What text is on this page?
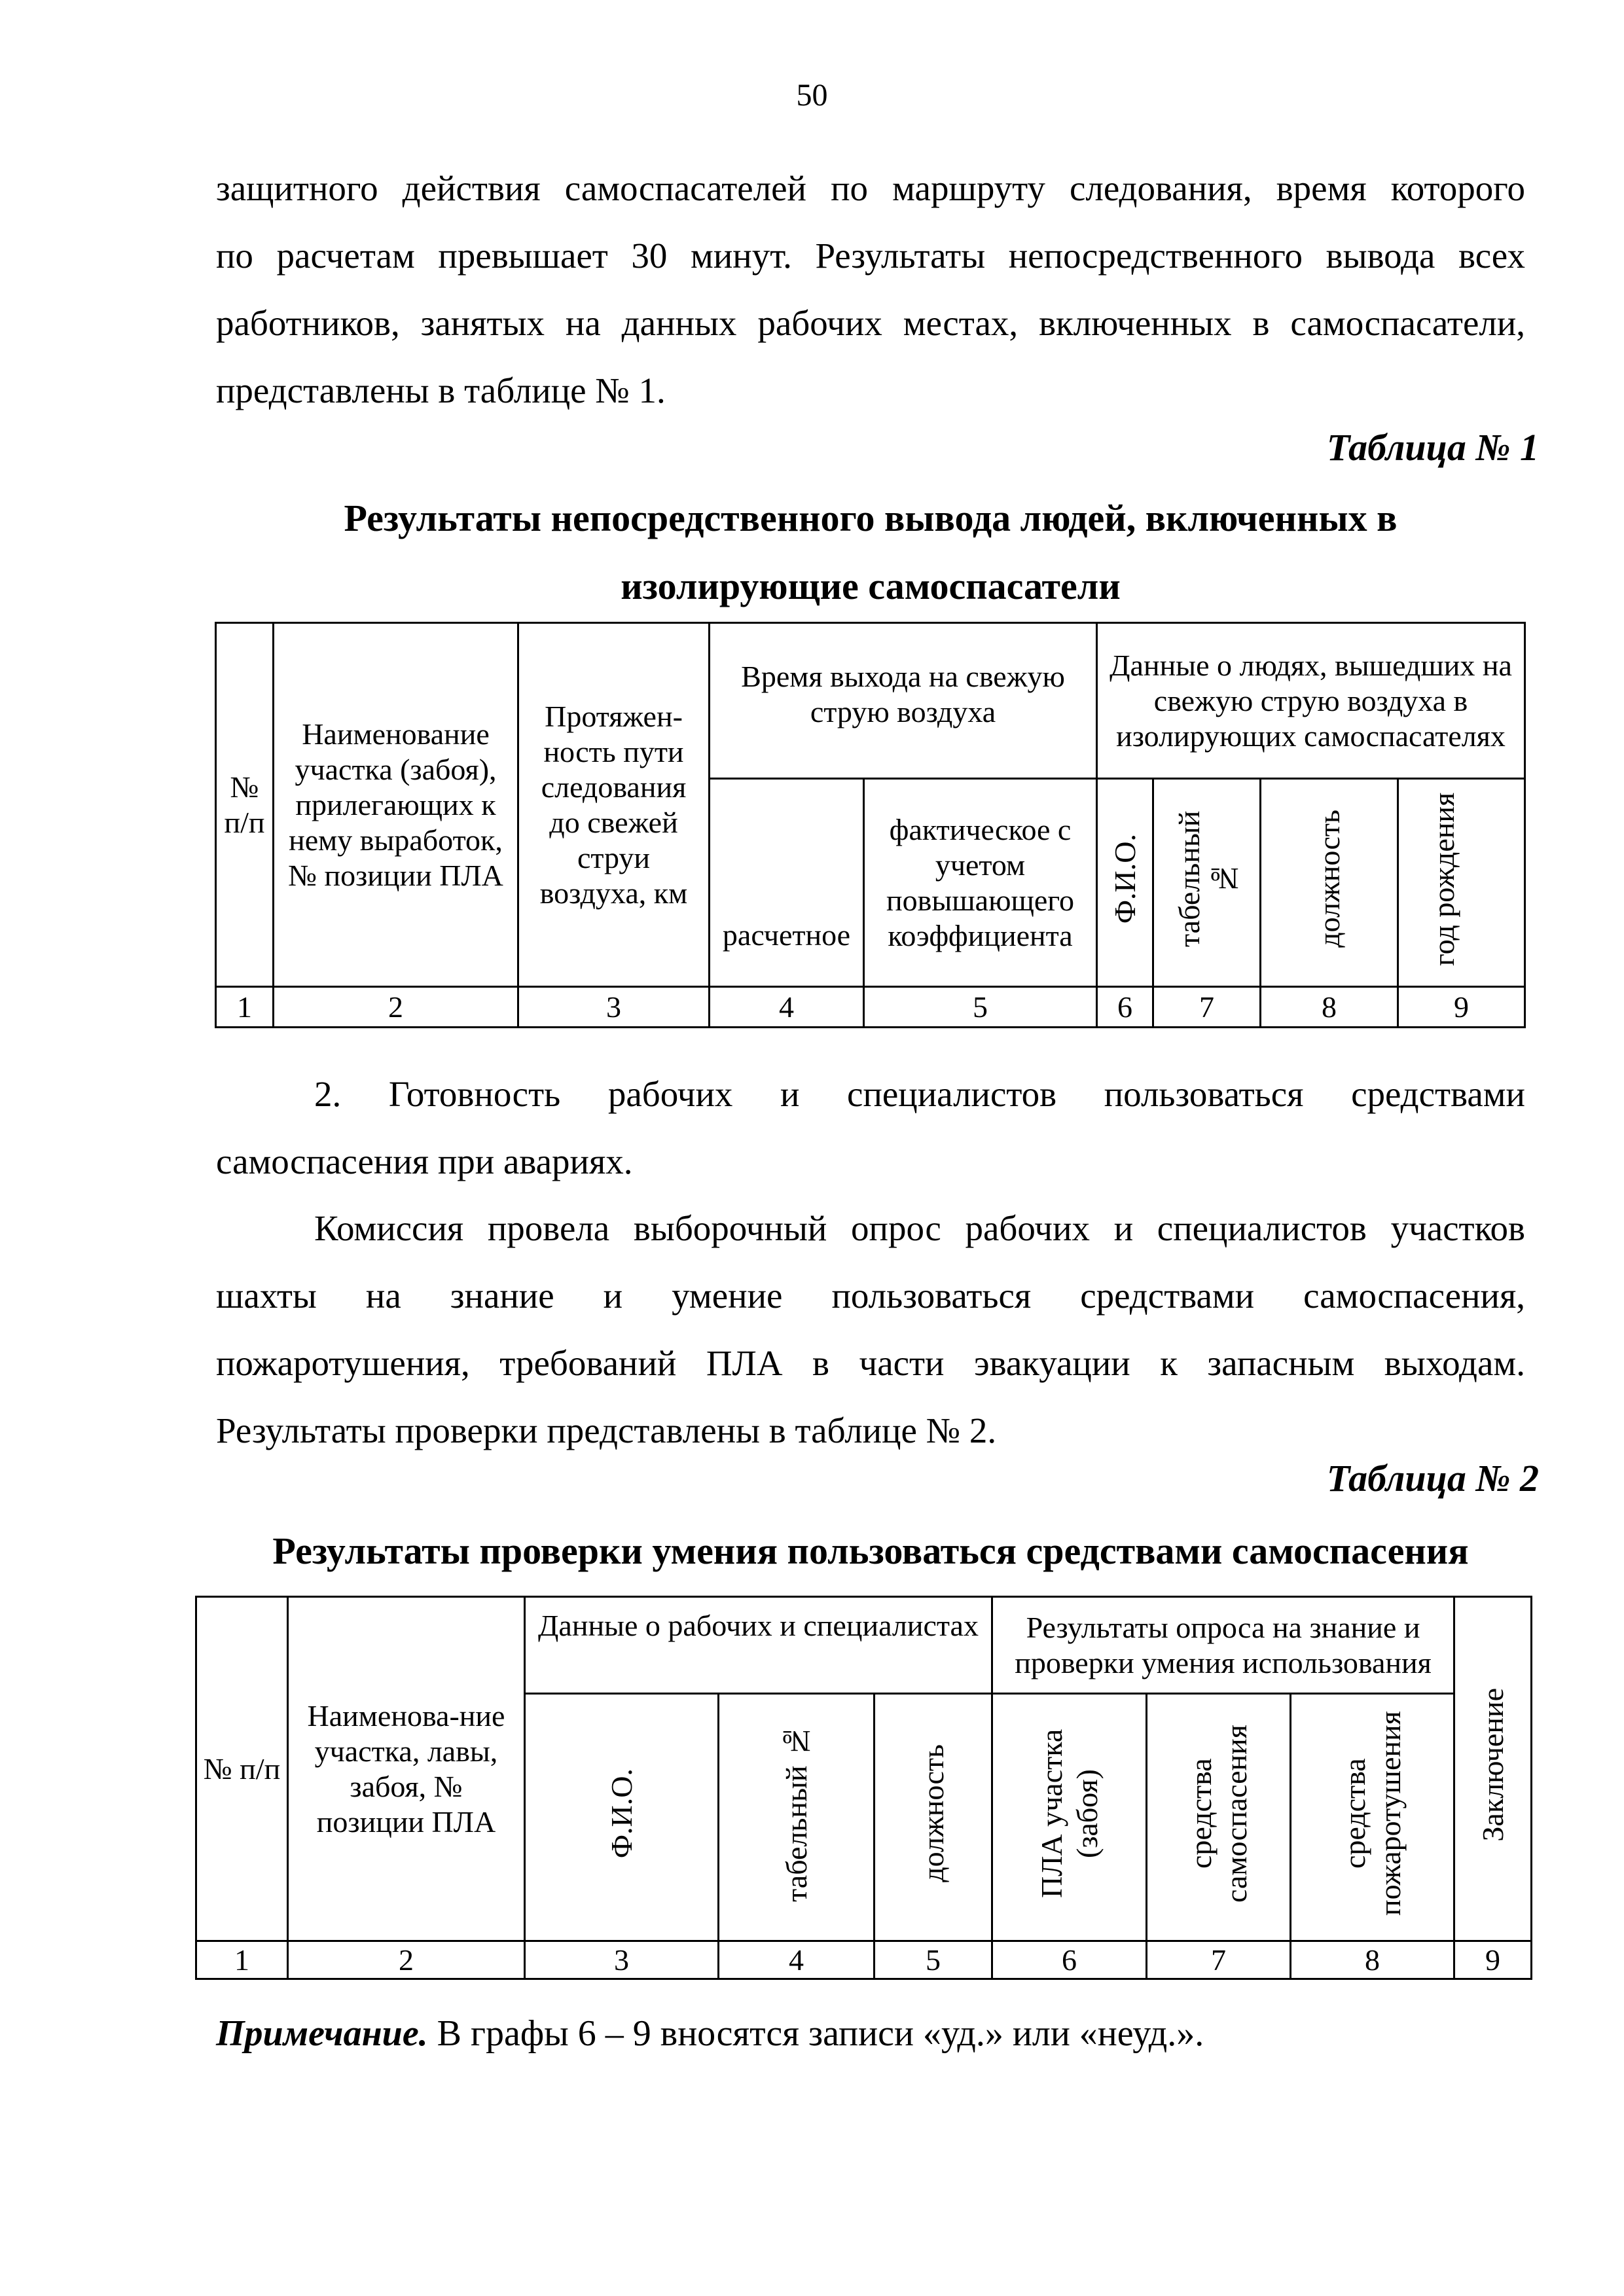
50
защитного действия самоспасателей по маршруту следования, время которого
по расчетам превышает 30 минут. Результаты непосредственного вывода всех
работников, занятых на данных рабочих местах, включенных в самоспасатели,
представлены в таблице № 1.
Таблица № 1
Результаты непосредственного вывода людей, включенных в
изолирующие самоспасатели
№ п/п	Наименование участка (забоя), прилегающих к нему выработок, № позиции ПЛА	Протяжен-ность пути следования до свежей струи воздуха, км	Время выхода на свежую струю воздуха		Данные о людях, вышедших на свежую струю воздуха в изолирующих самоспасателях			
			расчетное	фактическое с учетом повышающего коэффициента	Ф.И.О.	табельный №	должность	год рождения
1	2	3	4	5	6	7	8	9
2. Готовность рабочих и специалистов пользоваться средствами
самоспасения при авариях.
Комиссия провела выборочный опрос рабочих и специалистов участков
шахты на знание и умение пользоваться средствами самоспасения,
пожаротушения, требований ПЛА в части эвакуации к запасным выходам.
Результаты проверки представлены в таблице № 2.
Таблица № 2
Результаты проверки умения пользоваться средствами самоспасения
№ п/п	Наименова-ние участка, лавы, забоя, № позиции ПЛА	Данные о рабочих и специалистах			Результаты опроса на знание и проверки умения использования			Заключение
		Ф.И.О.	табельный №	должность	ПЛА участка (забоя)	средства самоспасения	средства пожаротушения	
1	2	3	4	5	6	7	8	9
Примечание. В графы 6 – 9 вносятся записи «уд.» или «неуд.».
